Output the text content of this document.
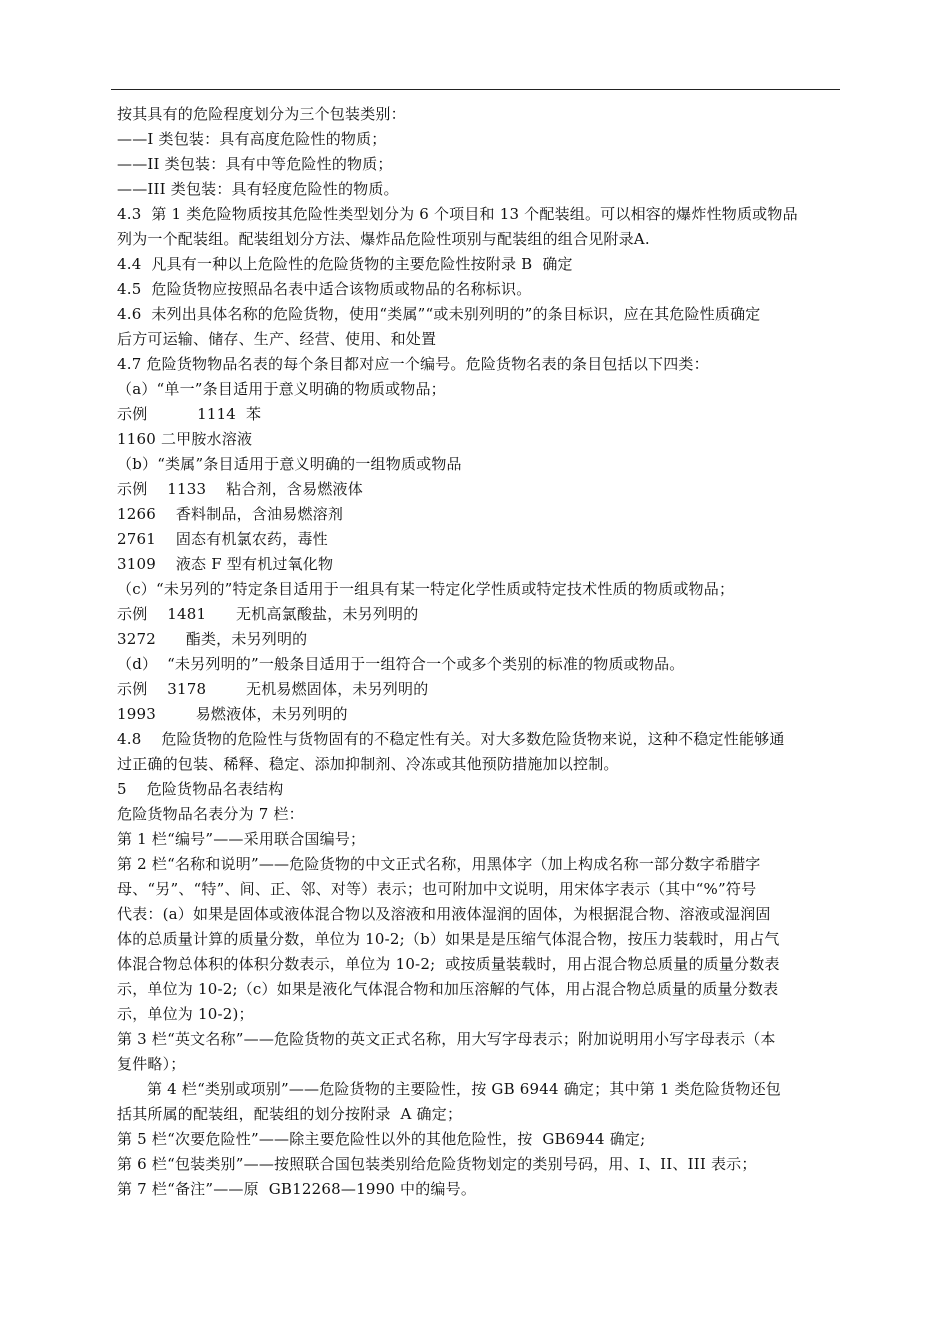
按其具有的危险程度划分为三个包装类别：
——I 类包装：具有高度危险性的物质；
——II 类包装：具有中等危险性的物质；
——III 类包装：具有轻度危险性的物质。
4.3  第 1 类危险物质按其危险性类型划分为 6 个项目和 13 个配装组。可以相容的爆炸性物质或物品
列为一个配装组。配装组划分方法、爆炸品危险性项别与配装组的组合见附录A.
4.4  凡具有一种以上危险性的危险货物的主要危险性按附录 B  确定
4.5  危险货物应按照品名表中适合该物质或物品的名称标识。
4.6  未列出具体名称的危险货物，使用“类属”“或未别列明的”的条目标识，应在其危险性质确定
后方可运输、储存、生产、经营、使用、和处置
4.7 危险货物物品名表的每个条目都对应一个编号。危险货物名表的条目包括以下四类：
（a）“单一”条目适用于意义明确的物质或物品；
示例          1114  苯
1160 二甲胺水溶液
（b）“类属”条目适用于意义明确的一组物质或物品
示例    1133    粘合剂，含易燃液体
1266    香料制品，含油易燃溶剂
2761    固态有机氯农药，毒性
3109    液态 F 型有机过氧化物
（c）“未另列的”特定条目适用于一组具有某一特定化学性质或特定技术性质的物质或物品；
示例    1481      无机高氯酸盐，未另列明的
3272      酯类，未另列明的
（d）  “未另列明的”一般条目适用于一组符合一个或多个类别的标准的物质或物品。
示例    3178        无机易燃固体，未另列明的
1993        易燃液体，未另列明的
4.8    危险货物的危险性与货物固有的不稳定性有关。对大多数危险货物来说，这种不稳定性能够通
过正确的包装、稀释、稳定、添加抑制剂、冷冻或其他预防措施加以控制。
5    危险货物品名表结构
危险货物品名表分为 7 栏：
第 1 栏“编号”——采用联合国编号；
第 2 栏“名称和说明”——危险货物的中文正式名称，用黑体字（加上构成名称一部分数字希腊字
母、“另”、“特”、间、正、邻、对等）表示；也可附加中文说明，用宋体字表示（其中“%”符号
代表：(a）如果是固体或液体混合物以及溶液和用液体湿润的固体，为根据混合物、溶液或湿润固
体的总质量计算的质量分数，单位为 10-2;（b）如果是是压缩气体混合物，按压力装载时，用占气
体混合物总体积的体积分数表示，单位为 10-2;  或按质量装载时，用占混合物总质量的质量分数表
示，单位为 10-2;（c）如果是液化气体混合物和加压溶解的气体，用占混合物总质量的质量分数表
示，单位为 10-2)；
第 3 栏“英文名称”——危险货物的英文正式名称，用大写字母表示；附加说明用小写字母表示（本
复件略）；
第 4 栏“类别或项别”——危险货物的主要险性，按 GB 6944 确定；其中第 1 类危险货物还包
括其所属的配装组，配装组的划分按附录  A 确定；
第 5 栏“次要危险性”——除主要危险性以外的其他危险性，按  GB6944 确定;
第 6 栏“包装类别”——按照联合国包装类别给危险货物划定的类别号码，用、I、II、III 表示；
第 7 栏“备注”——原  GB12268—1990 中的编号。
